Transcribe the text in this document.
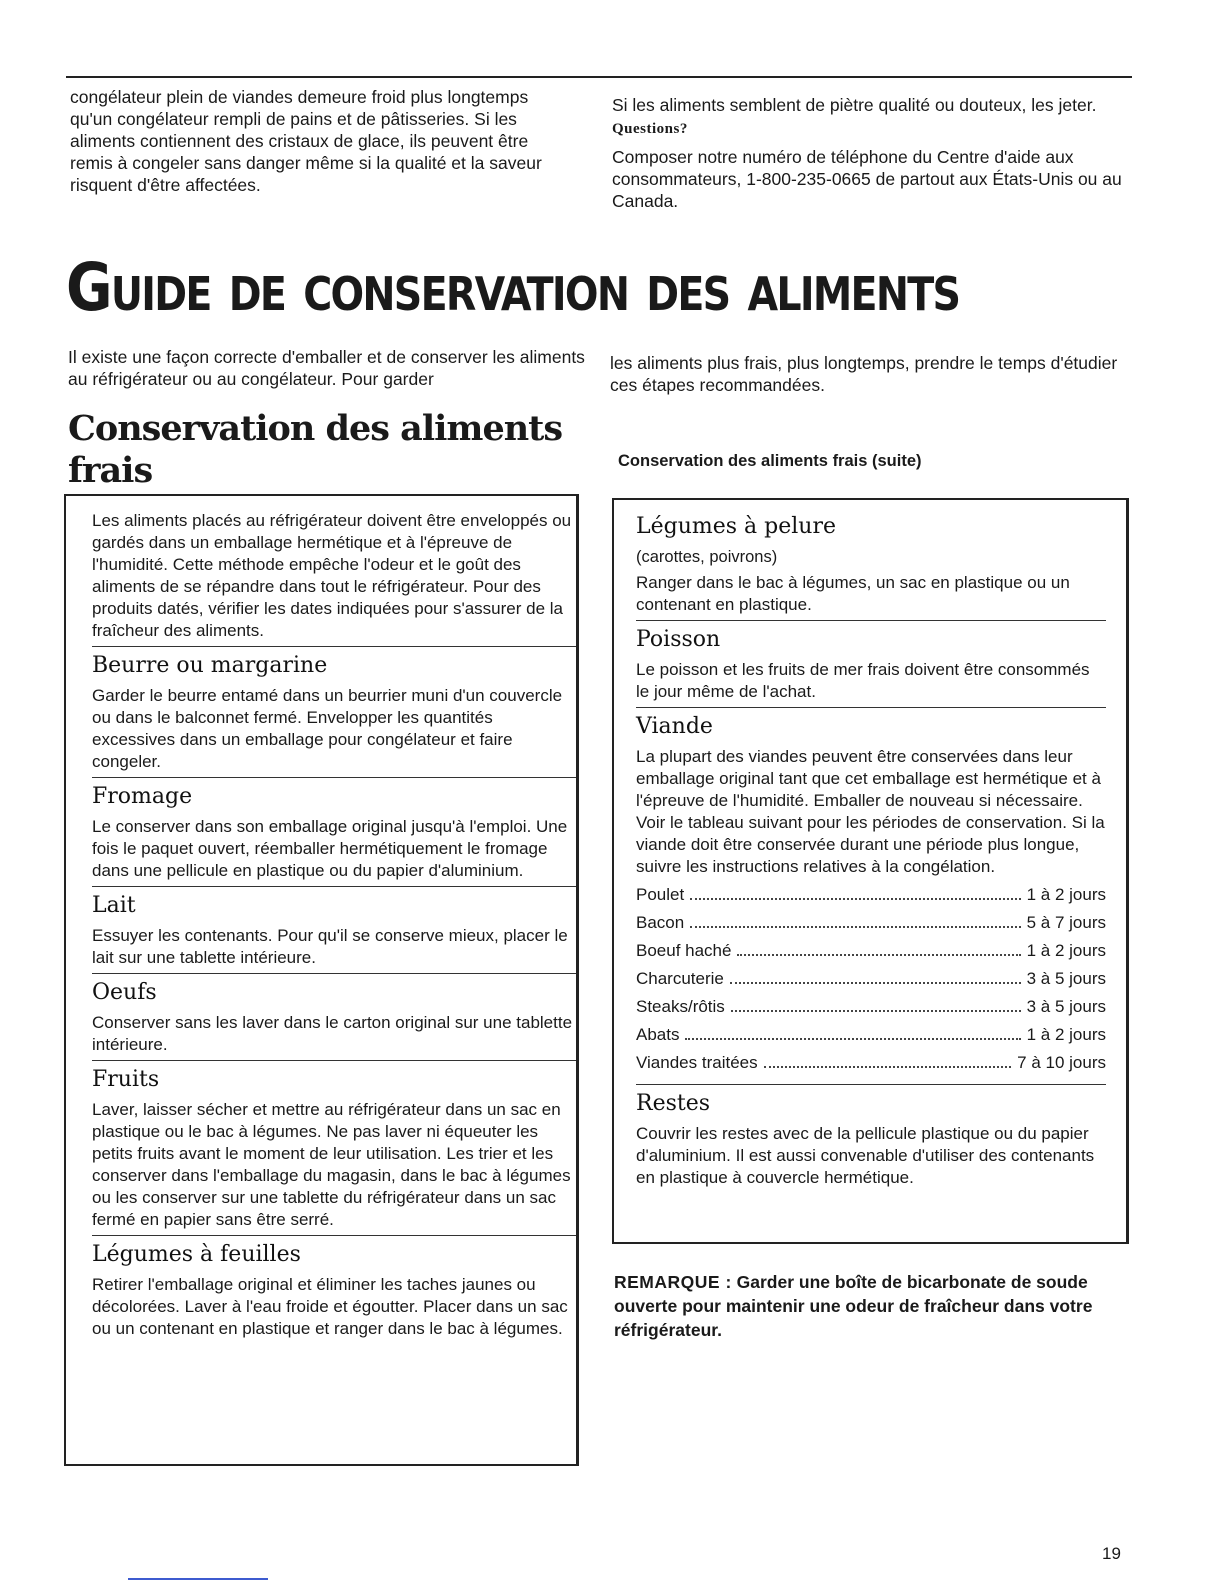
congélateur plein de viandes demeure froid plus longtemps qu'un congélateur rempli de pains et de pâtisseries. Si les aliments contiennent des cristaux de glace, ils peuvent être remis à congeler sans danger même si la qualité et la saveur risquent d'être affectées.

Si les aliments semblent de piètre qualité ou douteux, les jeter.

Questions?

Composer notre numéro de téléphone du Centre d'aide aux consommateurs, 1-800-235-0665 de partout aux États-Unis ou au Canada.

Guide de conservation des aliments
Il existe une façon correcte d'emballer et de conserver les aliments au réfrigérateur ou au congélateur. Pour garder
les aliments plus frais, plus longtemps, prendre le temps d'étudier ces étapes recommandées.
Conservation des aliments frais	Conservation des aliments frais (suite)

Les aliments placés au réfrigérateur doivent être enveloppés ou gardés dans un emballage hermétique et à l'épreuve de l'humidité. Cette méthode empêche l'odeur et le goût des aliments de se répandre dans tout le réfrigérateur. Pour des produits datés, vérifier les dates indiquées pour s'assurer de la fraîcheur des aliments.

Beurre ou margarine

Garder le beurre entamé dans un beurrier muni d'un couvercle ou dans le balconnet fermé. Envelopper les quantités excessives dans un emballage pour congélateur et faire congeler.

Fromage

Le conserver dans son emballage original jusqu'à l'emploi. Une fois le paquet ouvert, réemballer hermétiquement le fromage dans une pellicule en plastique ou du papier d'aluminium.

Lait

Essuyer les contenants. Pour qu'il se conserve mieux, placer le lait sur une tablette intérieure.

Oeufs

Conserver sans les laver dans le carton original sur une tablette intérieure.

Fruits

Laver, laisser sécher et mettre au réfrigérateur dans un sac en plastique ou le bac à légumes. Ne pas laver ni équeuter les petits fruits avant le moment de leur utilisation. Les trier et les conserver dans l'emballage du magasin, dans le bac à légumes ou les conserver sur une tablette du réfrigérateur dans un sac fermé en papier sans être serré.

Légumes à feuilles

Retirer l'emballage original et éliminer les taches jaunes ou décolorées. Laver à l'eau froide et égoutter. Placer dans un sac ou un contenant en plastique et ranger dans le bac à légumes.

Légumes à pelure

(carottes, poivrons)

Ranger dans le bac à légumes, un sac en plastique ou un contenant en plastique.

Poisson

Le poisson et les fruits de mer frais doivent être consommés le jour même de l'achat.

Viande

La plupart des viandes peuvent être conservées dans leur emballage original tant que cet emballage est hermétique et à l'épreuve de l'humidité. Emballer de nouveau si nécessaire. Voir le tableau suivant pour les périodes de conservation. Si la viande doit être conservée durant une période plus longue, suivre les instructions relatives à la congélation.

Poulet	1 à 2 jours
Bacon	5 à 7 jours
Boeuf haché	1 à 2 jours
Charcuterie	3 à 5 jours
Steaks/rôtis	3 à 5 jours
Abats	1 à 2 jours
Viandes traitées	7 à 10 jours
Restes

Couvrir les restes avec de la pellicule plastique ou du papier d'aluminium. Il est aussi convenable d'utiliser des contenants en plastique à couvercle hermétique.

REMARQUE : Garder une boîte de bicarbonate de soude ouverte pour maintenir une odeur de fraîcheur dans votre réfrigérateur.
19
